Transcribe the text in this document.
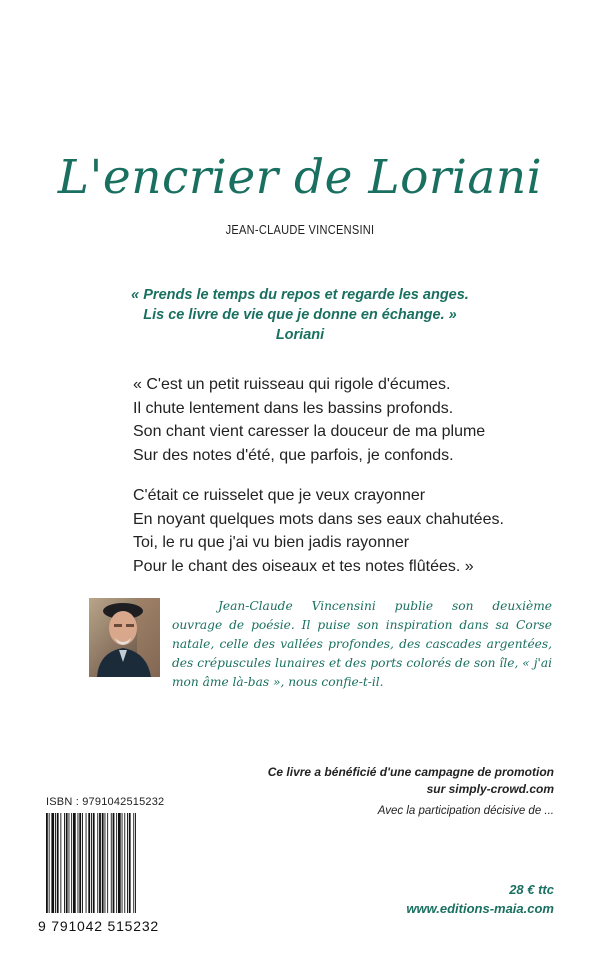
L'encrier de Loriani
JEAN-CLAUDE VINCENSINI
« Prends le temps du repos et regarde les anges.
Lis ce livre de vie que je donne en échange. »
Loriani
« C'est un petit ruisseau qui rigole d'écumes.
Il chute lentement dans les bassins profonds.
Son chant vient caresser la douceur de ma plume
Sur des notes d'été, que parfois, je confonds.
C'était ce ruisselet que je veux crayonner
En noyant quelques mots dans ses eaux chahutées.
Toi, le ru que j'ai vu bien jadis rayonner
Pour le chant des oiseaux et tes notes flûtées. »
Jean-Claude Vincensini publie son deuxième
ouvrage de poésie. Il puise son inspiration dans sa Corse
natale, celle des vallées profondes, des cascades argentées,
des crépuscules lunaires et des ports colorés de son île, « j'ai
mon âme là-bas », nous confie-t-il.
Ce livre a bénéficié d'une campagne de promotion
sur simply-crowd.com
Avec la participation décisive de ...
ISBN : 9791042515232
9 791042 515232
28 € ttc
www.editions-maia.com
